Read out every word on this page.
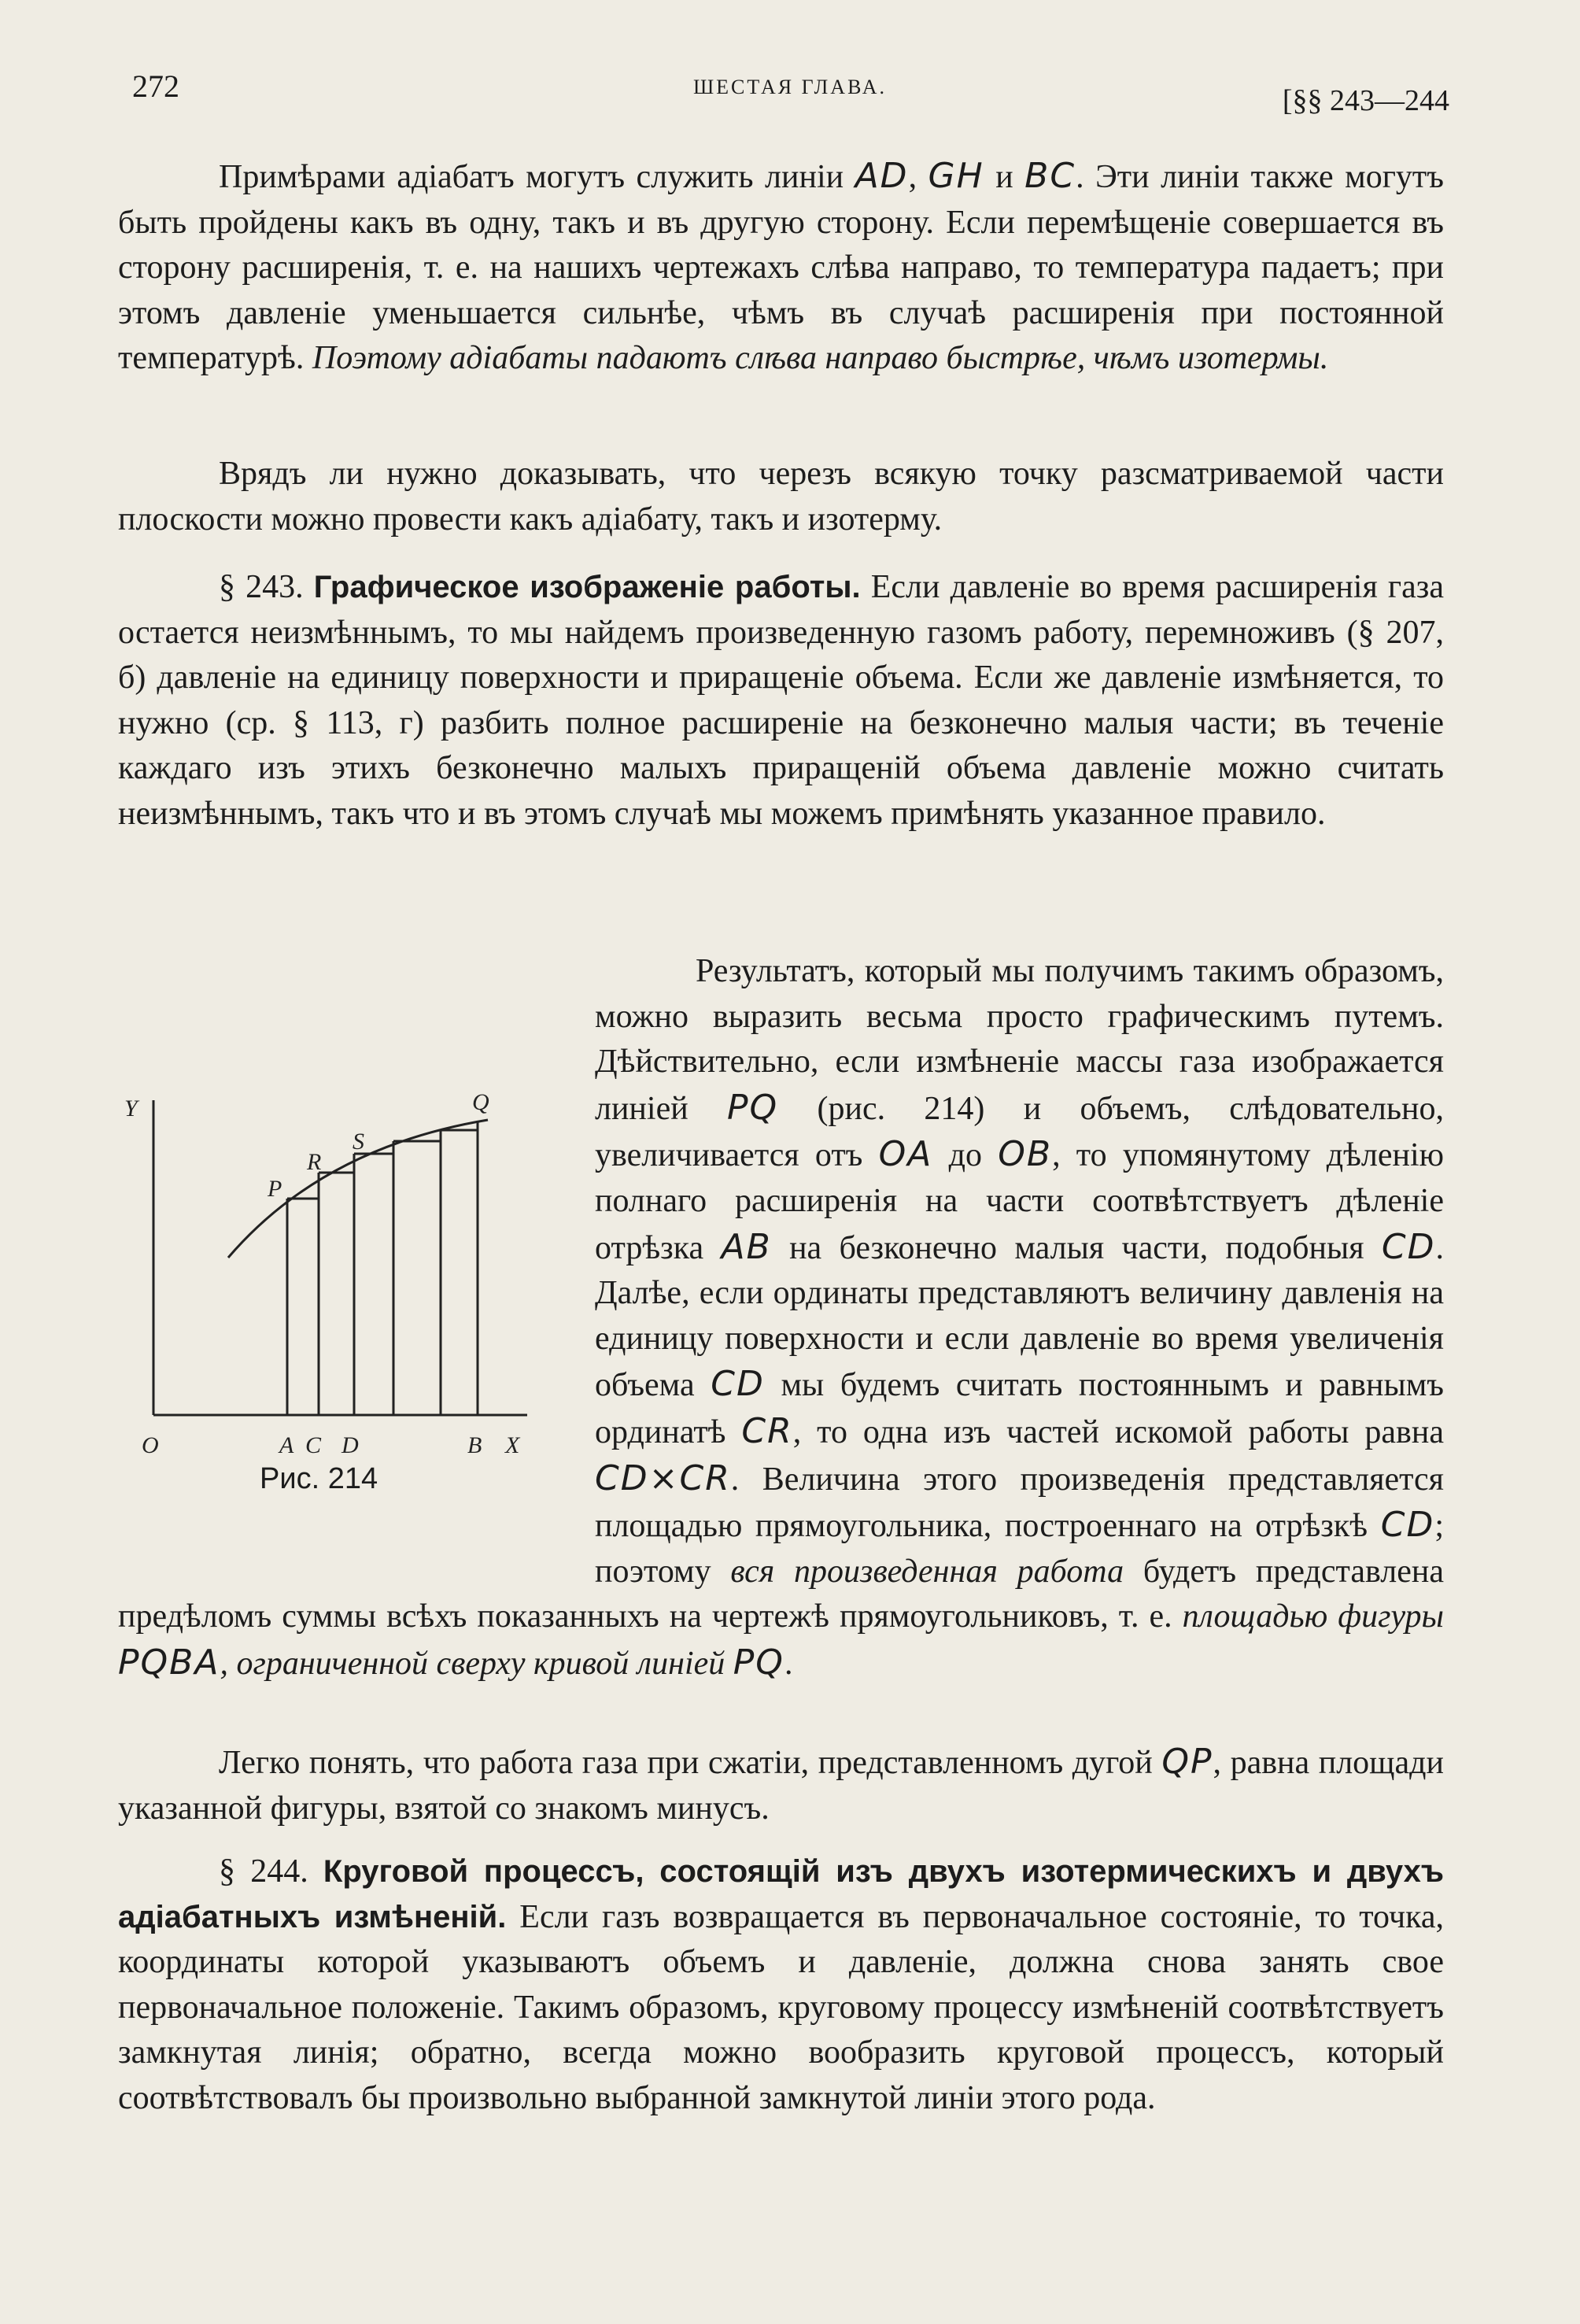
272	ШЕСТАЯ ГЛАВА.	[§§ 243—244

Примѣрами адiабатъ могутъ служить линiи AD, GH и BC. Эти линiи также могутъ быть пройдены какъ въ одну, такъ и въ другую сторону. Если перемѣщенiе совершается въ сторону расширенiя, т. е. на нашихъ чертежахъ слѣва направо, то температура падаетъ; при этомъ давленiе уменьшается сильнѣе, чѣмъ въ случаѣ расширенiя при постоянной температурѣ. Поэтому адiабаты падаютъ слѣва направо быстрѣе, чѣмъ изотермы.

Врядъ ли нужно доказывать, что черезъ всякую точку разсматриваемой части плоскости можно провести какъ адiабату, такъ и изотерму.

§ 243. Графическое изображенiе работы. Если давленiе во время расширенiя газа остается неизмѣннымъ, то мы найдемъ произведенную газомъ работу, перемноживъ (§ 207, б) давленiе на единицу поверхности и приращенiе объема. Если же давленiе измѣняется, то нужно (ср. § 113, г) разбить полное расширенiе на безконечно малыя части; въ теченiе каждаго изъ этихъ безконечно малыхъ приращенiй объема давленiе можно считать неизмѣннымъ, такъ что и въ этомъ случаѣ мы можемъ примѣнять указанное правило.

Результатъ, который мы получимъ такимъ образомъ, можно выразить весьма просто графическимъ путемъ. Дѣйствительно, если измѣненiе массы газа изображается линiей PQ (рис. 214) и объемъ, слѣдовательно, увеличивается отъ OA до OB, то упомянутому дѣленiю полнаго расширенiя на части соотвѣтствуетъ дѣленiе отрѣзка AB на безконечно малыя части, подобныя CD. Далѣе, если ординаты представляютъ величину давленiя на единицу поверхности и если давленiе во время увеличенiя объема CD мы будемъ считать постояннымъ и равнымъ ординатѣ CR, то одна изъ частей искомой работы равна CD×CR. Величина этого произведенiя представляется площадью прямоугольника, построеннаго на отрѣзкѣ CD; поэтому вся произведенная работа будетъ представлена предѣломъ суммы всѣхъ показанныхъ на чертежѣ прямоугольниковъ, т. е. площадью фигуры PQBA, ограниченной сверху кривой линiей PQ.

Легко понять, что работа газа при сжатiи, представленномъ дугой QP, равна площади указанной фигуры, взятой со знакомъ минусъ.

§ 244. Круговой процессъ, состоящiй изъ двухъ изотермическихъ и двухъ адiабатныхъ измѣненiй. Если газъ возвращается въ первоначальное состоянiе, то точка, координаты которой указываютъ объемъ и давленiе, должна снова занять свое первоначальное положенiе. Такимъ образомъ, круговому процессу измѣненiй соотвѣтствуетъ замкнутая линiя; обратно, всегда можно вообразить круговой процессъ, который соотвѣтствовалъ бы произвольно выбранной замкнутой линiи этого рода.

Y
O	A C D	B X
P
R
S
Q
Рис. 214
